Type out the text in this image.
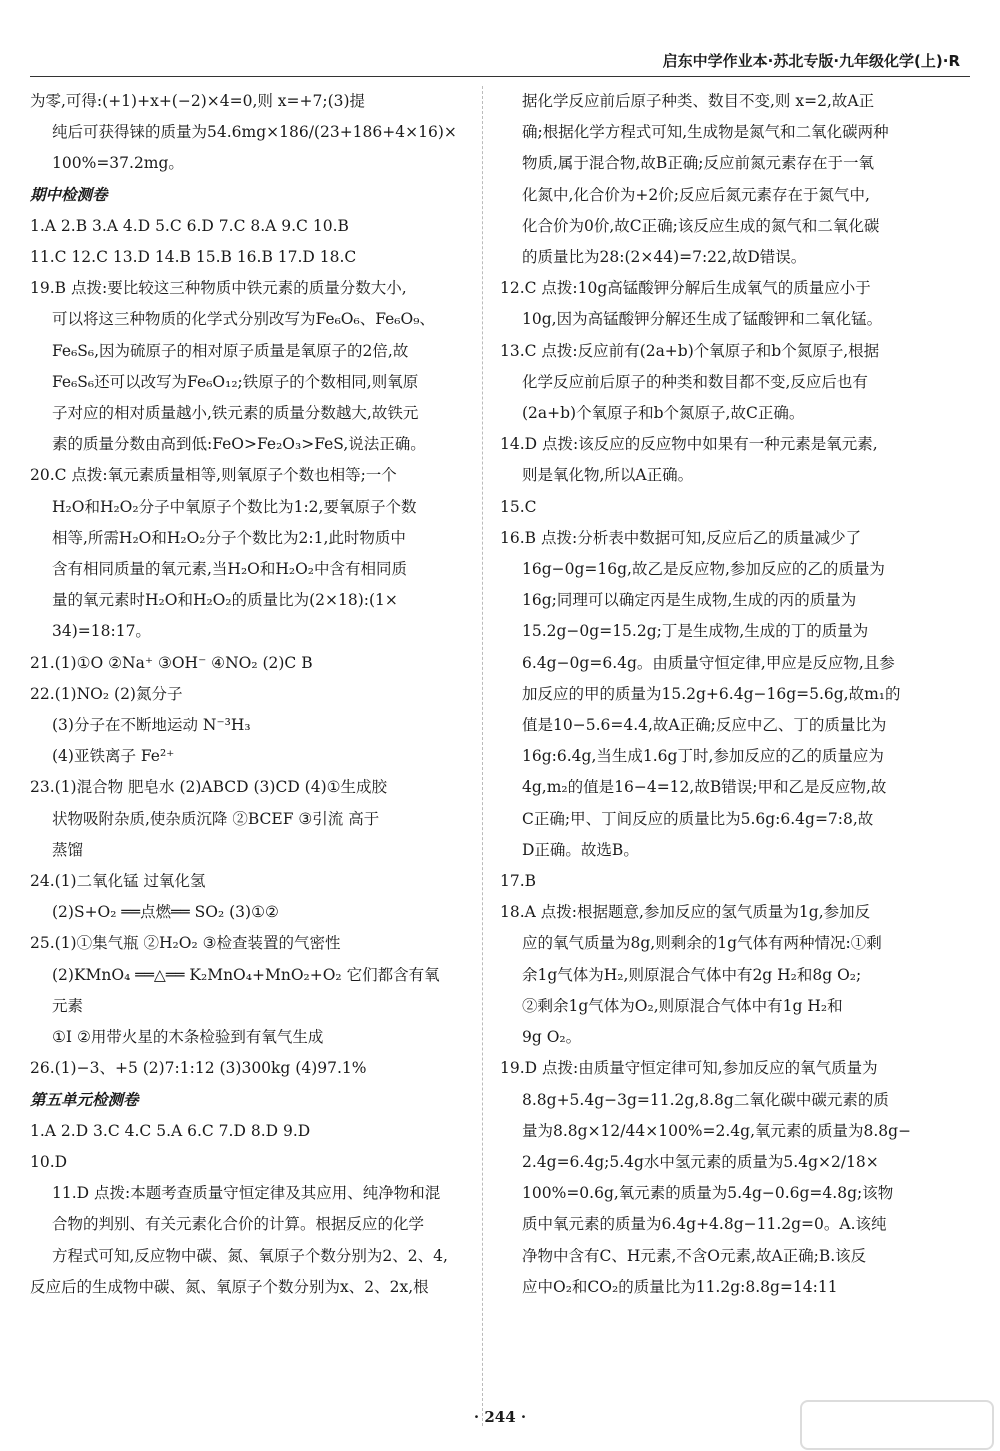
启东中学作业本·苏北专版·九年级化学(上)·R
为零,可得:(+1)+x+(−2)×4=0,则 x=+7;(3)提
纯后可获得铼的质量为54.6mg×186/(23+186+4×16)×
100%=37.2mg。
期中检测卷
1.A 2.B 3.A 4.D 5.C 6.D 7.C 8.A 9.C 10.B
11.C 12.C 13.D 14.B 15.B 16.B 17.D 18.C
19.B 点拨:要比较这三种物质中铁元素的质量分数大小,
可以将这三种物质的化学式分别改写为Fe₆O₆、Fe₆O₉、
Fe₆S₆,因为硫原子的相对原子质量是氧原子的2倍,故
Fe₆S₆还可以改写为Fe₆O₁₂;铁原子的个数相同,则氧原
子对应的相对质量越小,铁元素的质量分数越大,故铁元
素的质量分数由高到低:FeO>Fe₂O₃>FeS,说法正确。
20.C 点拨:氧元素质量相等,则氧原子个数也相等;一个
H₂O和H₂O₂分子中氧原子个数比为1:2,要氧原子个数
相等,所需H₂O和H₂O₂分子个数比为2:1,此时物质中
含有相同质量的氧元素,当H₂O和H₂O₂中含有相同质
量的氧元素时H₂O和H₂O₂的质量比为(2×18):(1×
34)=18:17。
21.(1)①O ②Na⁺ ③OH⁻ ④NO₂ (2)C B
22.(1)NO₂ (2)氮分子
(3)分子在不断地运动 N⁻³H₃
(4)亚铁离子 Fe²⁺
23.(1)混合物 肥皂水 (2)ABCD (3)CD (4)①生成胶
状物吸附杂质,使杂质沉降 ②BCEF ③引流 高于
蒸馏
24.(1)二氧化锰 过氧化氢
(2)S+O₂ ══点燃══ SO₂ (3)①②
25.(1)①集气瓶 ②H₂O₂ ③检查装置的气密性
(2)KMnO₄ ══△══ K₂MnO₄+MnO₂+O₂ 它们都含有氧
元素
①Ⅰ ②用带火星的木条检验到有氧气生成
26.(1)−3、+5 (2)7:1:12 (3)300kg (4)97.1%
第五单元检测卷
1.A 2.D 3.C 4.C 5.A 6.C 7.D 8.D 9.D
10.D
11.D 点拨:本题考查质量守恒定律及其应用、纯净物和混
合物的判别、有关元素化合价的计算。根据反应的化学
方程式可知,反应物中碳、氮、氧原子个数分别为2、2、4,
反应后的生成物中碳、氮、氧原子个数分别为x、2、2x,根
据化学反应前后原子种类、数目不变,则 x=2,故A正
确;根据化学方程式可知,生成物是氮气和二氧化碳两种
物质,属于混合物,故B正确;反应前氮元素存在于一氧
化氮中,化合价为+2价;反应后氮元素存在于氮气中,
化合价为0价,故C正确;该反应生成的氮气和二氧化碳
的质量比为28:(2×44)=7:22,故D错误。
12.C 点拨:10g高锰酸钾分解后生成氧气的质量应小于
10g,因为高锰酸钾分解还生成了锰酸钾和二氧化锰。
13.C 点拨:反应前有(2a+b)个氧原子和b个氮原子,根据
化学反应前后原子的种类和数目都不变,反应后也有
(2a+b)个氧原子和b个氮原子,故C正确。
14.D 点拨:该反应的反应物中如果有一种元素是氧元素,
则是氧化物,所以A正确。
15.C
16.B 点拨:分析表中数据可知,反应后乙的质量减少了
16g−0g=16g,故乙是反应物,参加反应的乙的质量为
16g;同理可以确定丙是生成物,生成的丙的质量为
15.2g−0g=15.2g;丁是生成物,生成的丁的质量为
6.4g−0g=6.4g。由质量守恒定律,甲应是反应物,且参
加反应的甲的质量为15.2g+6.4g−16g=5.6g,故m₁的
值是10−5.6=4.4,故A正确;反应中乙、丁的质量比为
16g:6.4g,当生成1.6g丁时,参加反应的乙的质量应为
4g,m₂的值是16−4=12,故B错误;甲和乙是反应物,故
C正确;甲、丁间反应的质量比为5.6g:6.4g=7:8,故
D正确。故选B。
17.B
18.A 点拨:根据题意,参加反应的氢气质量为1g,参加反
应的氧气质量为8g,则剩余的1g气体有两种情况:①剩
余1g气体为H₂,则原混合气体中有2g H₂和8g O₂;
②剩余1g气体为O₂,则原混合气体中有1g H₂和
9g O₂。
19.D 点拨:由质量守恒定律可知,参加反应的氧气质量为
8.8g+5.4g−3g=11.2g,8.8g二氧化碳中碳元素的质
量为8.8g×12/44×100%=2.4g,氧元素的质量为8.8g−
2.4g=6.4g;5.4g水中氢元素的质量为5.4g×2/18×
100%=0.6g,氧元素的质量为5.4g−0.6g=4.8g;该物
质中氧元素的质量为6.4g+4.8g−11.2g=0。A.该纯
净物中含有C、H元素,不含O元素,故A正确;B.该反
应中O₂和CO₂的质量比为11.2g:8.8g=14:11
· 244 ·
